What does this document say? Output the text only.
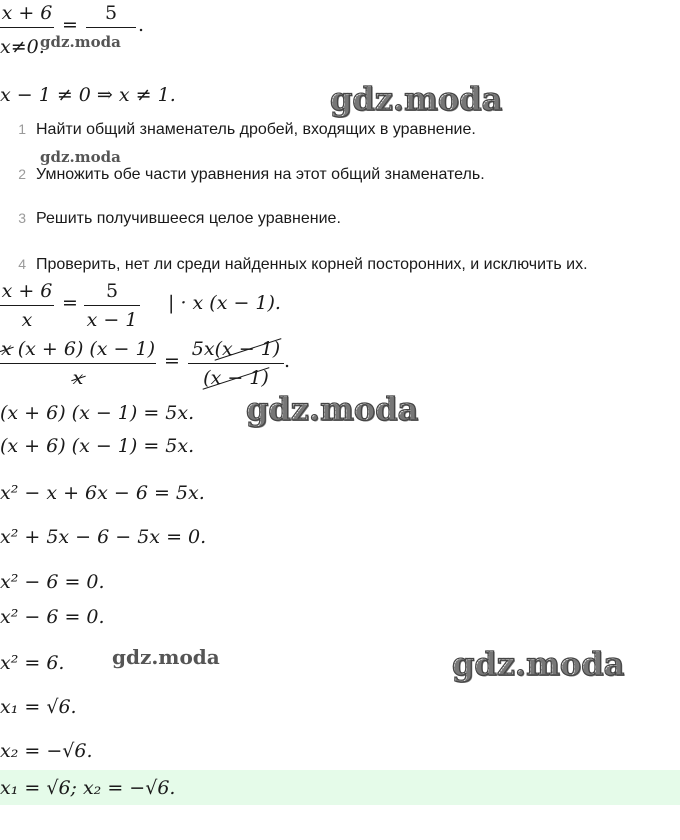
x + 6
=
5
.
x≠0.
gdz.moda
x − 1 ≠ 0 ⇒ x ≠ 1.	gdz.moda
1 Найти общий знаменатель дробей, входящих в уравнение.
gdz.moda
2 Умножить обе части уравнения на этот общий знаменатель.
3 Решить получившееся целое уравнение.
4 Проверить, нет ли среди найденных корней посторонних, и исключить их.
x + 6
x
=
5
x − 1
| · x (x − 1).
x (x + 6) (x − 1)
x
=
5x(x − 1)
(x − 1)
.
(x + 6) (x − 1) = 5x. gdz.moda
(x + 6) (x − 1) = 5x.
x² − x + 6x − 6 = 5x.
x² + 5x − 6 − 5x = 0.
x² − 6 = 0.
x² − 6 = 0.
x² = 6. gdz.moda	gdz.moda
x₁ = √6.
x₂ = −√6.
x₁ = √6; x₂ = −√6.
